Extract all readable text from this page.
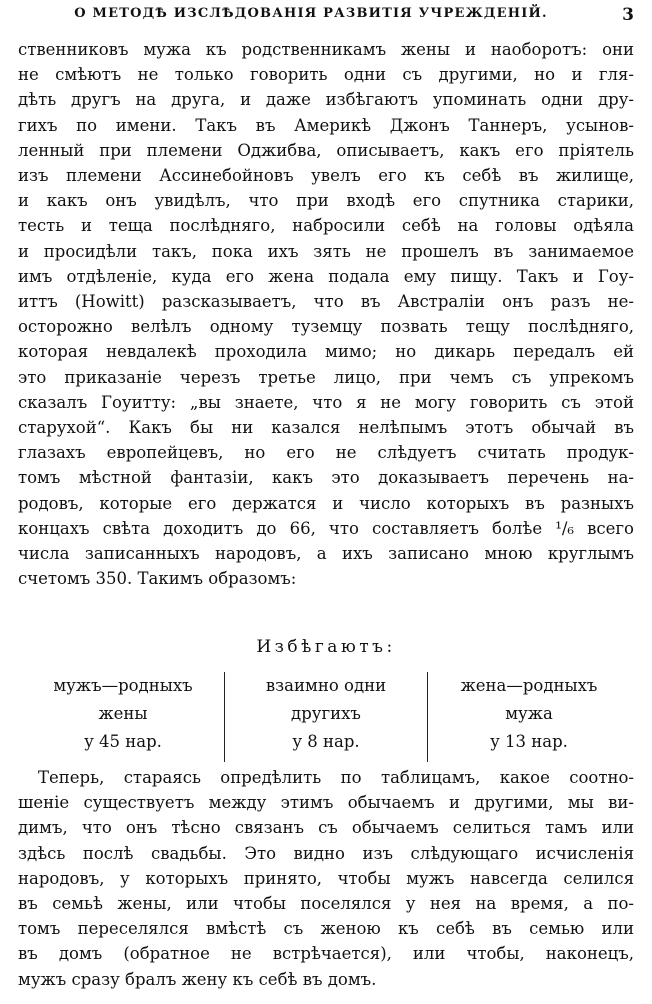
О МЕТОДѢ ИЗСЛѢДОВАНІЯ РАЗВИТІЯ УЧРЕЖДЕНІЙ.	3
ственниковъ мужа къ родственникамъ жены и наоборотъ: они
не смѣютъ не только говорить одни съ другими, но и гля-
дѣть другъ на друга, и даже избѣгаютъ упоминать одни дру-
гихъ по имени. Такъ въ Америкѣ Джонъ Таннеръ, усынов-
ленный при племени Оджибва, описываетъ, какъ его пріятель
изъ племени Ассинебойновъ увелъ его къ себѣ въ жилище,
и какъ онъ увидѣлъ, что при входѣ его спутника старики,
тесть и теща послѣдняго, набросили себѣ на головы одѣяла
и просидѣли такъ, пока ихъ зять не прошелъ въ занимаемое
имъ отдѣленіе, куда его жена подала ему пищу. Такъ и Гоу-
иттъ (Howitt) разсказываетъ, что въ Австраліи онъ разъ не-
осторожно велѣлъ одному туземцу позвать тещу послѣдняго,
которая невдалекѣ проходила мимо; но дикарь передалъ ей
это приказаніе черезъ третье лицо, при чемъ съ упрекомъ
сказалъ Гоуитту: „вы знаете, что я не могу говорить съ этой
старухой“. Какъ бы ни казался нелѣпымъ этотъ обычай въ
глазахъ европейцевъ, но его не слѣдуетъ считать продук-
томъ мѣстной фантазіи, какъ это доказываетъ перечень на-
родовъ, которые его держатся и число которыхъ въ разныхъ
концахъ свѣта доходитъ до 66, что составляетъ болѣе ¹/₆ всего
числа записанныхъ народовъ, а ихъ записано мною круглымъ
счетомъ 350. Такимъ образомъ:
Избѣгаютъ:
мужъ—родныхъ
жены
у 45 нар.
взаимно одни
другихъ
у 8 нар.
жена—родныхъ
мужа
у 13 нар.
Теперь, стараясь опредѣлить по таблицамъ, какое соотно-
шеніе существуетъ между этимъ обычаемъ и другими, мы ви-
димъ, что онъ тѣсно связанъ съ обычаемъ селиться тамъ или
здѣсь послѣ свадьбы. Это видно изъ слѣдующаго исчисленія
народовъ, у которыхъ принято, чтобы мужъ навсегда селился
въ семьѣ жены, или чтобы поселялся у нея на время, а по-
томъ переселялся вмѣстѣ съ женою къ себѣ въ семью или
въ домъ (обратное не встрѣчается), или чтобы, наконецъ,
мужъ сразу бралъ жену къ себѣ въ домъ.
